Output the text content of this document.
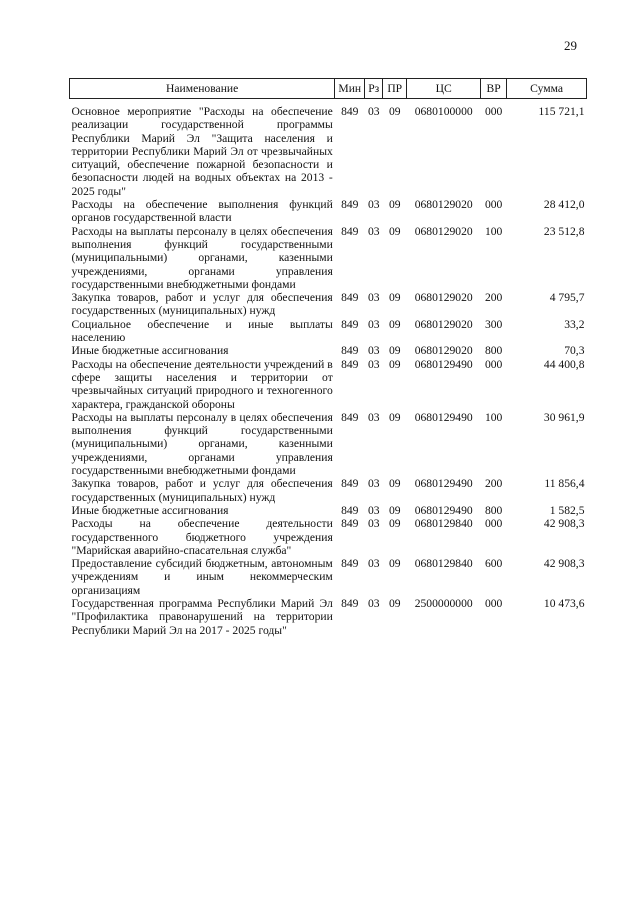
29
Наименование	Мин	Рз	ПР	ЦС	ВР	Сумма

Основное мероприятие "Расходы на обеспечение реализации государственной программы Республики Марий Эл "Защита населения и территории Республики Марий Эл от чрезвычайных ситуаций, обеспечение пожарной безопасности и безопасности людей на водных объектах на 2013 - 2025 годы"	849	03	09	0680100000	000	115 721,1
Расходы на обеспечение выполнения функций органов государственной власти	849	03	09	0680129020	000	28 412,0
Расходы на выплаты персоналу в целях обеспечения выполнения функций государственными (муниципальными) органами, казенными учреждениями, органами управления государственными внебюджетными фондами	849	03	09	0680129020	100	23 512,8
Закупка товаров, работ и услуг для обеспечения государственных (муниципальных) нужд	849	03	09	0680129020	200	4 795,7
Социальное обеспечение и иные выплаты населению	849	03	09	0680129020	300	33,2
Иные бюджетные ассигнования	849	03	09	0680129020	800	70,3
Расходы на обеспечение деятельности учреждений в сфере защиты населения и территории от чрезвычайных ситуаций природного и техногенного характера, гражданской обороны	849	03	09	0680129490	000	44 400,8
Расходы на выплаты персоналу в целях обеспечения выполнения функций государственными (муниципальными) органами, казенными учреждениями, органами управления государственными внебюджетными фондами	849	03	09	0680129490	100	30 961,9
Закупка товаров, работ и услуг для обеспечения государственных (муниципальных) нужд	849	03	09	0680129490	200	11 856,4
Иные бюджетные ассигнования	849	03	09	0680129490	800	1 582,5
Расходы на обеспечение деятельности государственного бюджетного учреждения "Марийская аварийно-спасательная служба"	849	03	09	0680129840	000	42 908,3
Предоставление субсидий бюджетным, автономным учреждениям и иным некоммерческим организациям	849	03	09	0680129840	600	42 908,3
Государственная программа Республики Марий Эл "Профилактика правонарушений на территории Республики Марий Эл на 2017 - 2025 годы"	849	03	09	2500000000	000	10 473,6
